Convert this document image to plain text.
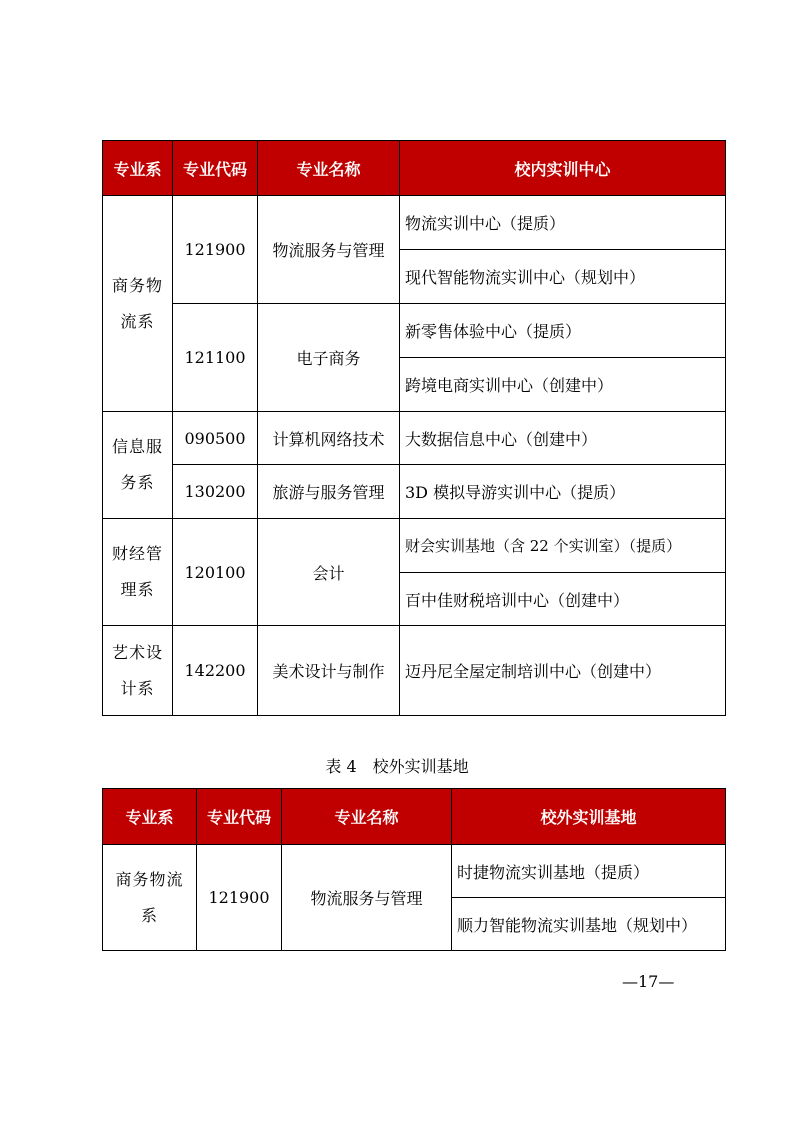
专业系	专业代码	专业名称	校内实训中心
商务物流系	121900	物流服务与管理	物流实训中心（提质）
			现代智能物流实训中心（规划中）
	121100	电子商务	新零售体验中心（提质）
			跨境电商实训中心（创建中）
信息服务系	090500	计算机网络技术	大数据信息中心（创建中）
	130200	旅游与服务管理	3D 模拟导游实训中心（提质）
财经管理系	120100	会计	财会实训基地（含 22 个实训室）（提质）
			百中佳财税培训中心（创建中）
艺术设计系	142200	美术设计与制作	迈丹尼全屋定制培训中心（创建中）
表 4　校外实训基地
专业系	专业代码	专业名称	校外实训基地
商务物流系	121900	物流服务与管理	时捷物流实训基地（提质）
			顺力智能物流实训基地（规划中）
—17—
